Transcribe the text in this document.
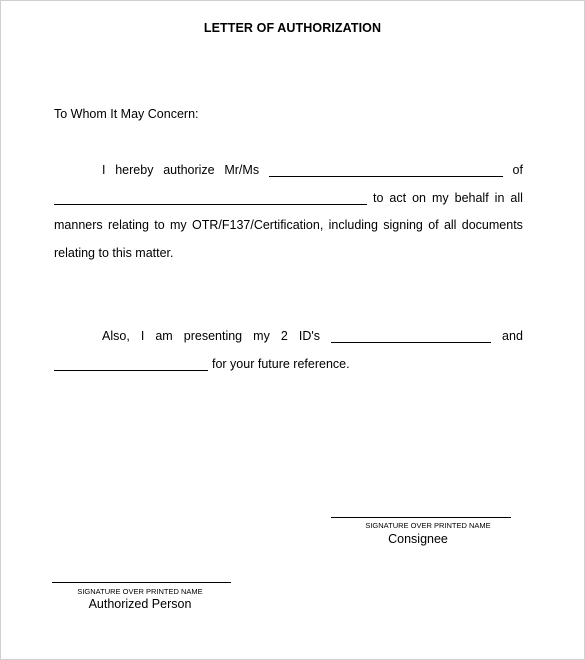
LETTER OF AUTHORIZATION
To Whom It May Concern:
I hereby authorize Mr/Ms	of
to act on my behalf in all
manners relating to my OTR/F137/Certification, including signing of all documents
relating to this matter.
Also, I am presenting my 2 ID's	and
for your future reference.
SIGNATURE OVER PRINTED NAME
Consignee
SIGNATURE OVER PRINTED NAME
Authorized Person
